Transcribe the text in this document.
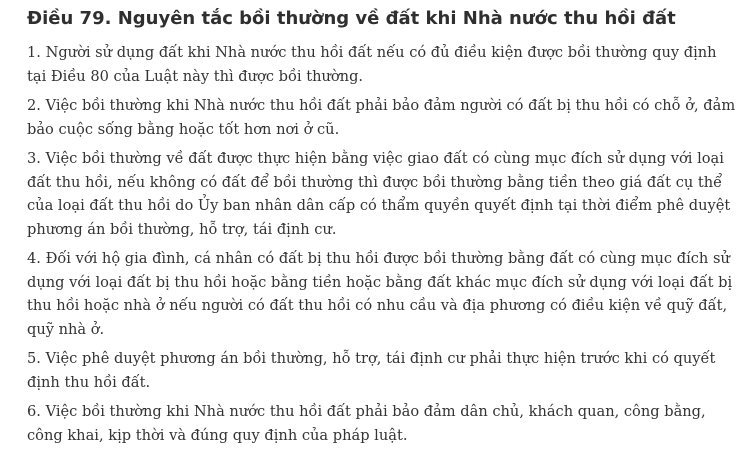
Điều 79. Nguyên tắc bồi thường về đất khi Nhà nước thu hồi đất

1. Người sử dụng đất khi Nhà nước thu hồi đất nếu có đủ điều kiện được bồi thường quy định tại Điều 80 của Luật này thì được bồi thường.

2. Việc bồi thường khi Nhà nước thu hồi đất phải bảo đảm người có đất bị thu hồi có chỗ ở, đảm bảo cuộc sống bằng hoặc tốt hơn nơi ở cũ.

3. Việc bồi thường về đất được thực hiện bằng việc giao đất có cùng mục đích sử dụng với loại đất thu hồi, nếu không có đất để bồi thường thì được bồi thường bằng tiền theo giá đất cụ thể của loại đất thu hồi do Ủy ban nhân dân cấp có thẩm quyền quyết định tại thời điểm phê duyệt phương án bồi thường, hỗ trợ, tái định cư.

4. Đối với hộ gia đình, cá nhân có đất bị thu hồi được bồi thường bằng đất có cùng mục đích sử dụng với loại đất bị thu hồi hoặc bằng tiền hoặc bằng đất khác mục đích sử dụng với loại đất bị thu hồi hoặc nhà ở nếu người có đất thu hồi có nhu cầu và địa phương có điều kiện về quỹ đất, quỹ nhà ở.

5. Việc phê duyệt phương án bồi thường, hỗ trợ, tái định cư phải thực hiện trước khi có quyết định thu hồi đất.

6. Việc bồi thường khi Nhà nước thu hồi đất phải bảo đảm dân chủ, khách quan, công bằng, công khai, kịp thời và đúng quy định của pháp luật.
